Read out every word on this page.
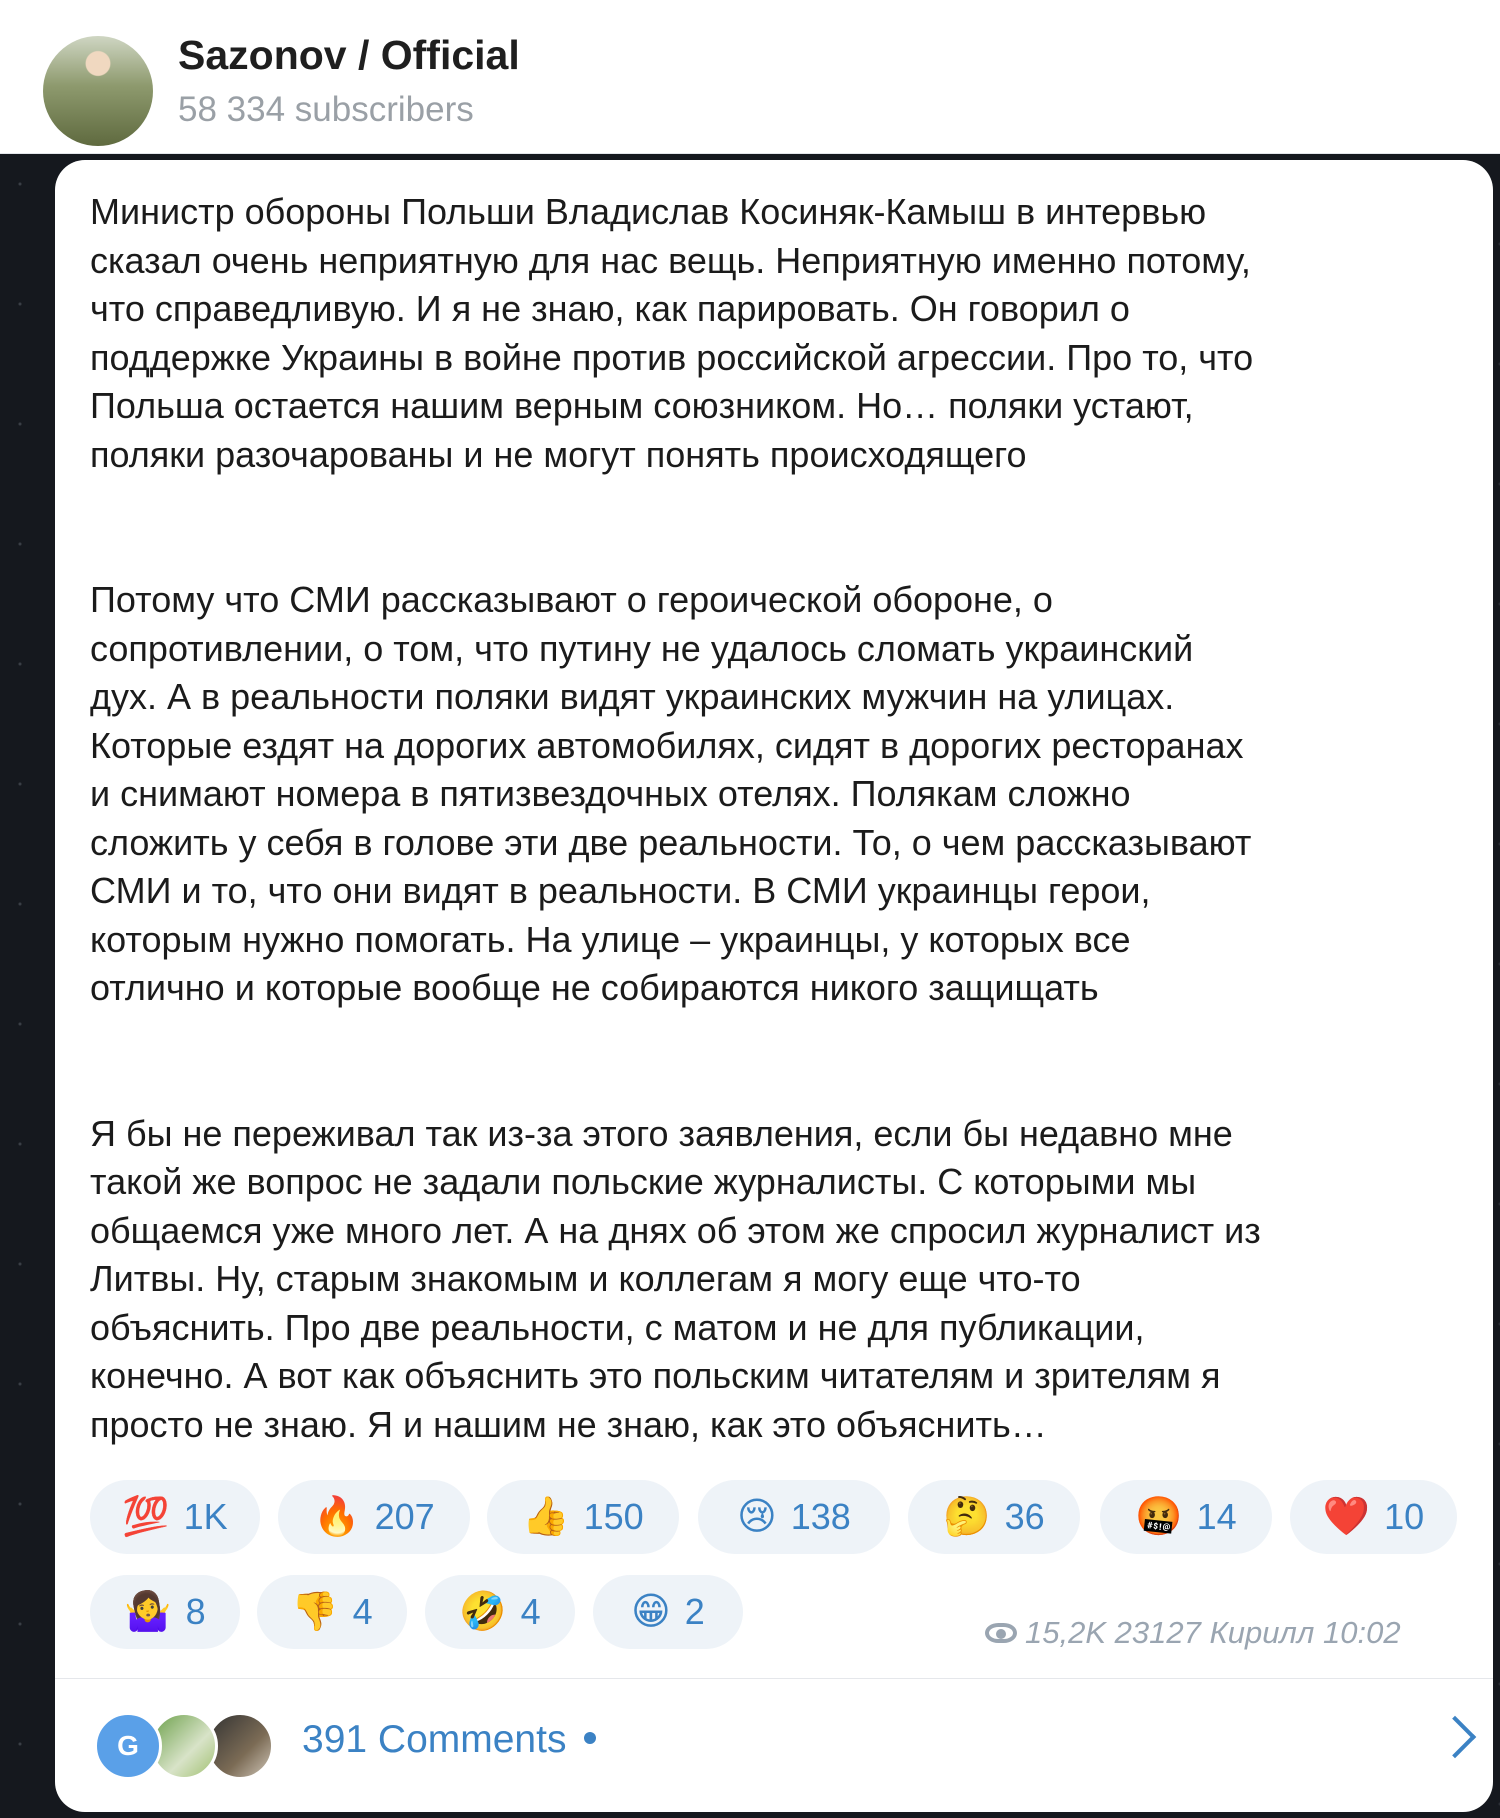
Sazonov / Official
58 334 subscribers

Министр обороны Польши Владислав Косиняк-Камыш в интервью
сказал очень неприятную для нас вещь. Неприятную именно потому,
что справедливую. И я не знаю, как парировать. Он говорил о
поддержке Украины в войне против российской агрессии. Про то, что
Польша остается нашим верным союзником. Но… поляки устают,
поляки разочарованы и не могут понять происходящего

Потому что СМИ рассказывают о героической обороне, о
сопротивлении, о том, что путину не удалось сломать украинский
дух. А в реальности поляки видят украинских мужчин на улицах.
Которые ездят на дорогих автомобилях, сидят в дорогих ресторанах
и снимают номера в пятизвездочных отелях. Полякам сложно
сложить у себя в голове эти две реальности. То, о чем рассказывают
СМИ и то, что они видят в реальности. В СМИ украинцы герои,
которым нужно помогать. На улице – украинцы, у которых все
отлично и которые вообще не собираются никого защищать

Я бы не переживал так из-за этого заявления, если бы недавно мне
такой же вопрос не задали польские журналисты. С которыми мы
общаемся уже много лет. А на днях об этом же спросил журналист из
Литвы. Ну, старым знакомым и коллегам я могу еще что-то
объяснить. Про две реальности, с матом и не для публикации,
конечно. А вот как объяснить это польским читателям и зрителям я
просто не знаю. Я и нашим не знаю, как это объяснить…

💯 1K 🔥 207 👍 150 😢 138 🤔 36 🤬 14 ❤️ 10
🤷‍♀️ 8 👎 4 🤣 4 😁 2
15,2K 23127 Кирилл 10:02
G	391 Comments
